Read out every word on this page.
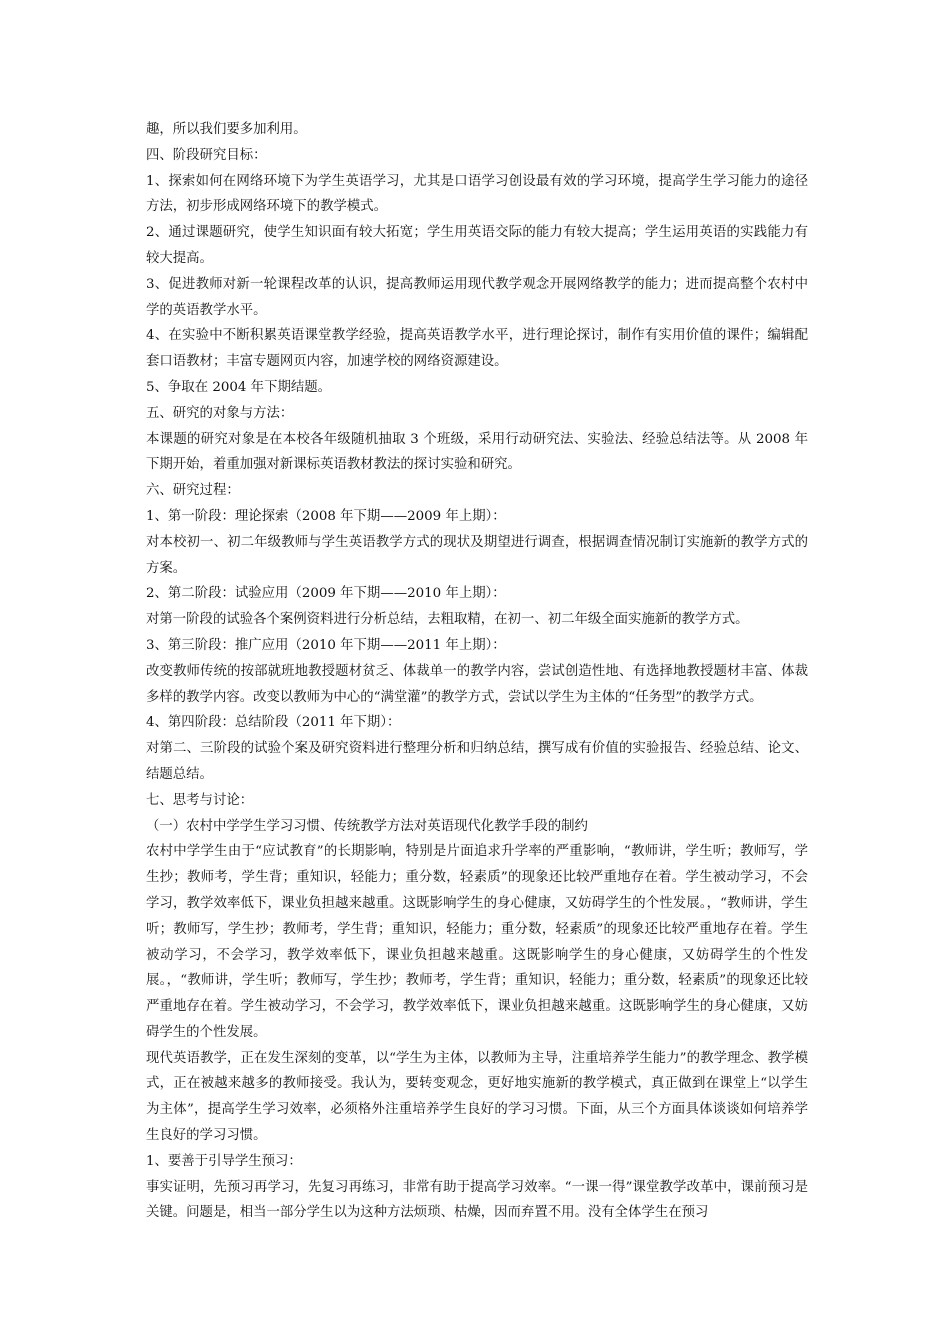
趣，所以我们要多加利用。

四、阶段研究目标：

1、探索如何在网络环境下为学生英语学习，尤其是口语学习创设最有效的学习环境，提高学生学习能力的途径方法，初步形成网络环境下的教学模式。

2、通过课题研究，使学生知识面有较大拓宽；学生用英语交际的能力有较大提高；学生运用英语的实践能力有较大提高。

3、促进教师对新一轮课程改革的认识，提高教师运用现代教学观念开展网络教学的能力；进而提高整个农村中学的英语教学水平。

4、在实验中不断积累英语课堂教学经验，提高英语教学水平，进行理论探讨，制作有实用价值的课件；编辑配套口语教材；丰富专题网页内容，加速学校的网络资源建设。

5、争取在 2004 年下期结题。

五、研究的对象与方法：

本课题的研究对象是在本校各年级随机抽取 3 个班级，采用行动研究法、实验法、经验总结法等。从 2008 年下期开始，着重加强对新课标英语教材教法的探讨实验和研究。

六、研究过程：

1、第一阶段：理论探索（2008 年下期——2009 年上期）：

对本校初一、初二年级教师与学生英语教学方式的现状及期望进行调查，根据调查情况制订实施新的教学方式的方案。

2、第二阶段：试验应用（2009 年下期——2010 年上期）：

对第一阶段的试验各个案例资料进行分析总结，去粗取精，在初一、初二年级全面实施新的教学方式。

3、第三阶段：推广应用（2010 年下期——2011 年上期）：

改变教师传统的按部就班地教授题材贫乏、体裁单一的教学内容，尝试创造性地、有选择地教授题材丰富、体裁多样的教学内容。改变以教师为中心的“满堂灌”的教学方式，尝试以学生为主体的“任务型”的教学方式。

4、第四阶段：总结阶段（2011 年下期）：

对第二、三阶段的试验个案及研究资料进行整理分析和归纳总结，撰写成有价值的实验报告、经验总结、论文、结题总结。

七、思考与讨论：

（一）农村中学学生学习习惯、传统教学方法对英语现代化教学手段的制约

农村中学学生由于“应试教育”的长期影响，特别是片面追求升学率的严重影响，“教师讲，学生听；教师写，学生抄；教师考，学生背；重知识，轻能力；重分数，轻素质”的现象还比较严重地存在着。学生被动学习，不会学习，教学效率低下，课业负担越来越重。这既影响学生的身心健康，又妨碍学生的个性发展。，“教师讲，学生听；教师写，学生抄；教师考，学生背；重知识，轻能力；重分数，轻素质”的现象还比较严重地存在着。学生被动学习，不会学习，教学效率低下，课业负担越来越重。这既影响学生的身心健康，又妨碍学生的个性发展。，“教师讲，学生听；教师写，学生抄；教师考，学生背；重知识，轻能力；重分数，轻素质”的现象还比较严重地存在着。学生被动学习，不会学习，教学效率低下，课业负担越来越重。这既影响学生的身心健康，又妨碍学生的个性发展。

现代英语教学，正在发生深刻的变革，以“学生为主体，以教师为主导，注重培养学生能力”的教学理念、教学模式，正在被越来越多的教师接受。我认为，要转变观念，更好地实施新的教学模式，真正做到在课堂上“以学生为主体”，提高学生学习效率，必须格外注重培养学生良好的学习习惯。下面，从三个方面具体谈谈如何培养学生良好的学习习惯。

1、要善于引导学生预习：

事实证明，先预习再学习，先复习再练习，非常有助于提高学习效率。“一课一得”课堂教学改革中，课前预习是关键。问题是，相当一部分学生以为这种方法烦琐、枯燥，因而弃置不用。没有全体学生在预习
